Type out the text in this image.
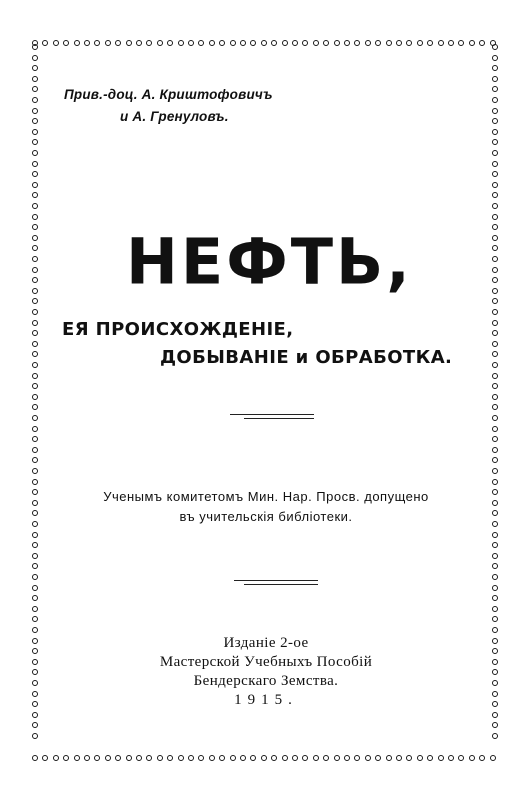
Прив.-доц. А. Криштофовичъ
и А. Гренуловъ.
НЕФТЬ,
ЕЯ ПРОИСХОЖДЕНІЕ,
ДОБЫВАНІЕ и ОБРАБОТКА.
Ученымъ комитетомъ Мин. Нар. Просв. допущено
въ учительскія библіотеки.
Изданіе 2-ое
Мастерской Учебныхъ Пособій
Бендерскаго Земства.
1915.
